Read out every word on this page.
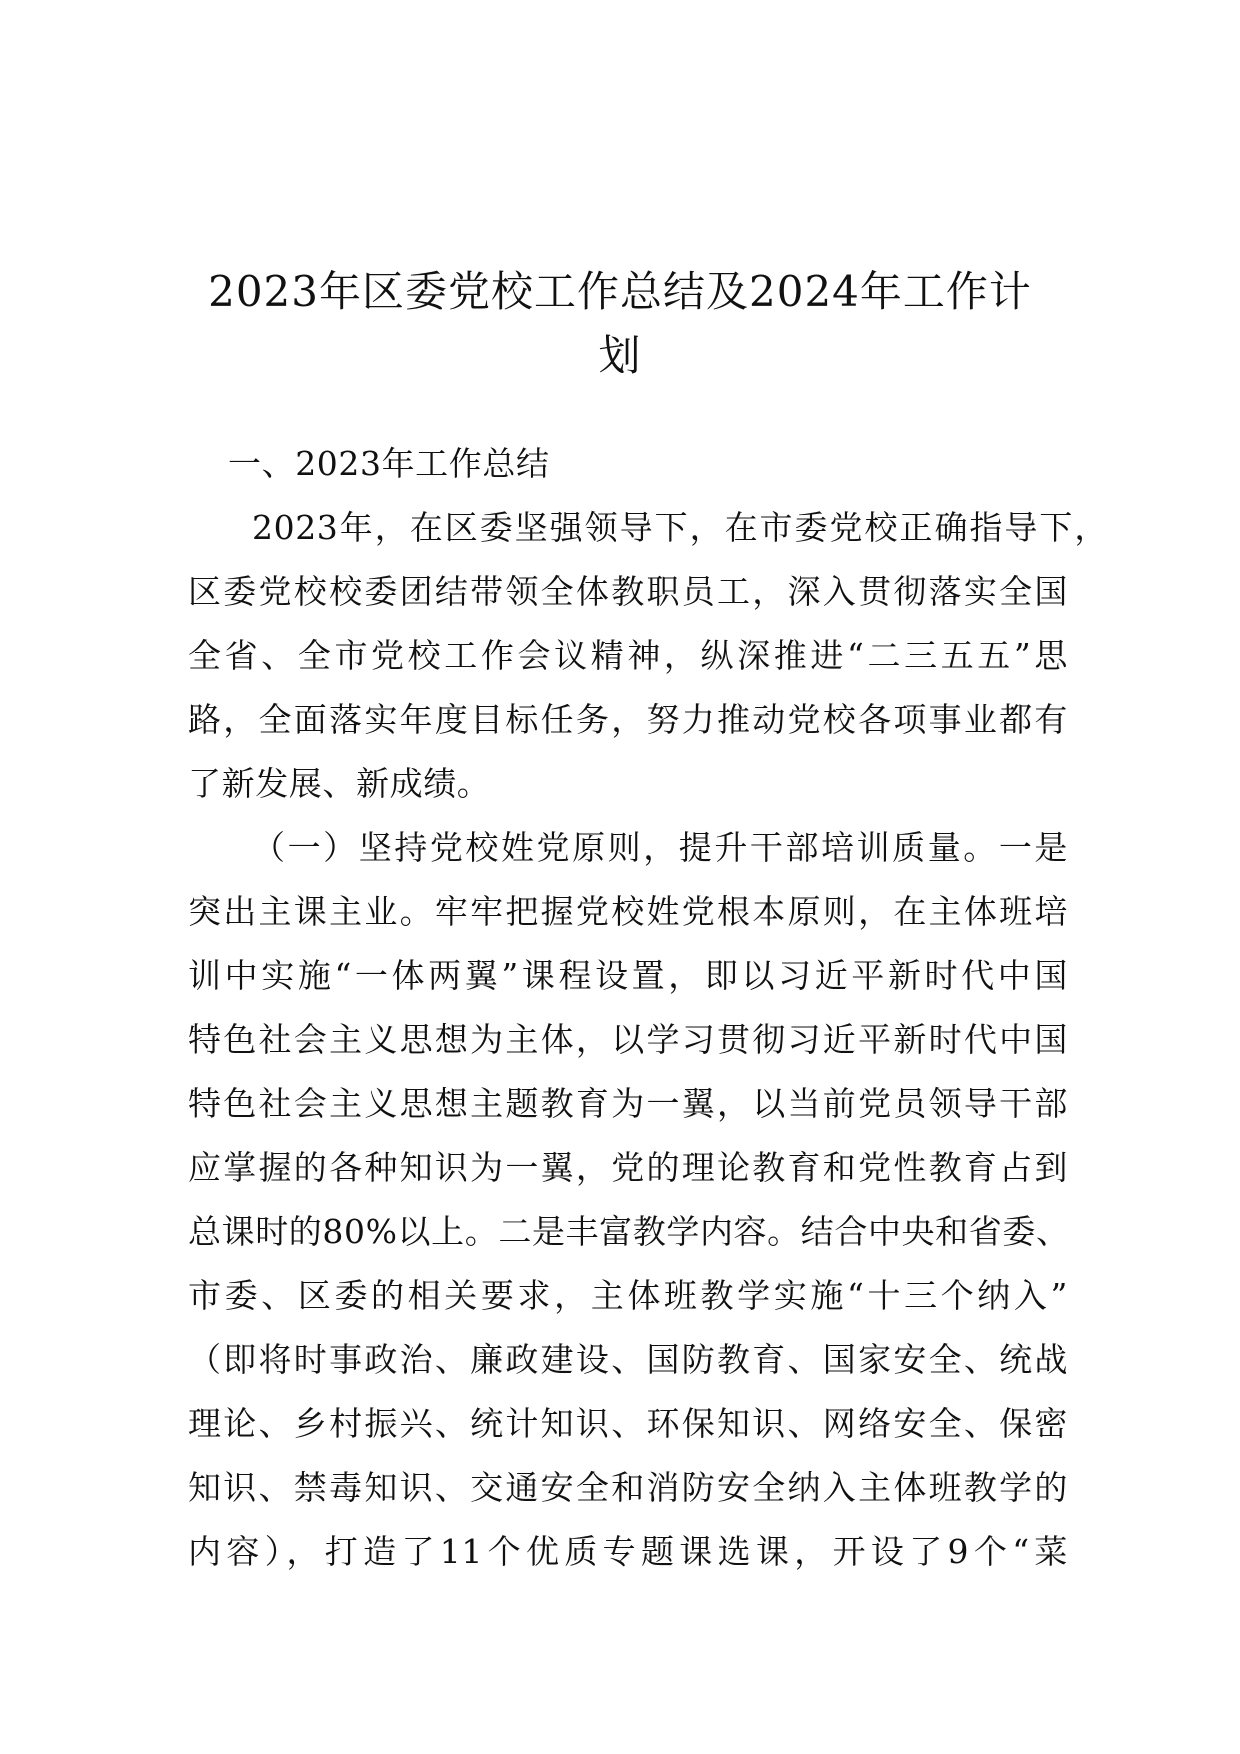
2023年区委党校工作总结及2024年工作计
划
一、2023年工作总结
2023年，在区委坚强领导下，在市委党校正确指导下，
区委党校校委团结带领全体教职员工，深入贯彻落实全国
全省、全市党校工作会议精神，纵深推进“二三五五”思
路，全面落实年度目标任务，努力推动党校各项事业都有
了新发展、新成绩。
（一）坚持党校姓党原则，提升干部培训质量。一是
突出主课主业。牢牢把握党校姓党根本原则，在主体班培
训中实施“一体两翼”课程设置，即以习近平新时代中国
特色社会主义思想为主体，以学习贯彻习近平新时代中国
特色社会主义思想主题教育为一翼，以当前党员领导干部
应掌握的各种知识为一翼，党的理论教育和党性教育占到
总课时的80%以上。二是丰富教学内容。结合中央和省委、
市委、区委的相关要求，主体班教学实施“十三个纳入”
（即将时事政治、廉政建设、国防教育、国家安全、统战
理论、乡村振兴、统计知识、环保知识、网络安全、保密
知识、禁毒知识、交通安全和消防安全纳入主体班教学的
内容），打造了11个优质专题课选课，开设了9个“菜
